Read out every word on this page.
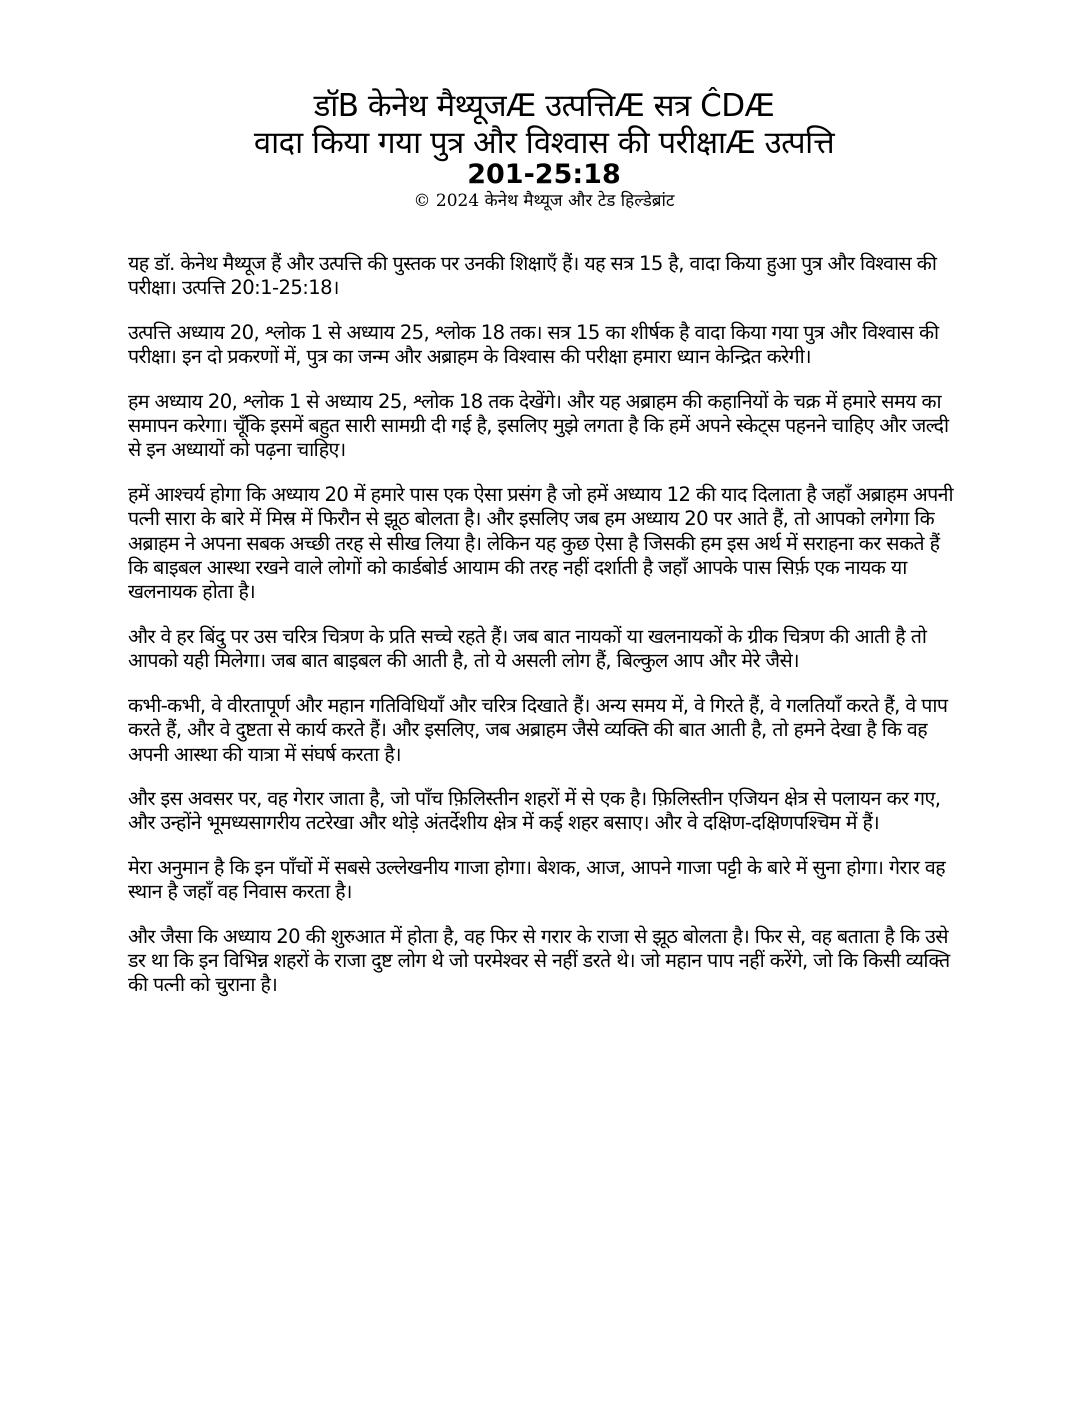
डॉB केनेथ मैथ्यूजÆ उत्पत्तिÆ सत्र ĈDÆ
वादा किया गया पुत्र और विश्वास की परीक्षाÆ उत्पत्ति
201-25:18
© 2024 केनेथ मैथ्यूज और टेड हिल्डेब्रांट

यह डॉ. केनेथ मैथ्यूज हैं और उत्पत्ति की पुस्तक पर उनकी शिक्षाएँ हैं। यह सत्र 15 है, वादा किया हुआ पुत्र और विश्वास की परीक्षा। उत्पत्ति 20:1-25:18।

उत्पत्ति अध्याय 20, श्लोक 1 से अध्याय 25, श्लोक 18 तक। सत्र 15 का शीर्षक है वादा किया गया पुत्र और विश्वास की परीक्षा। इन दो प्रकरणों में, पुत्र का जन्म और अब्राहम के विश्वास की परीक्षा हमारा ध्यान केन्द्रित करेगी।

हम अध्याय 20, श्लोक 1 से अध्याय 25, श्लोक 18 तक देखेंगे। और यह अब्राहम की कहानियों के चक्र में हमारे समय का समापन करेगा। चूँकि इसमें बहुत सारी सामग्री दी गई है, इसलिए मुझे लगता है कि हमें अपने स्केट्स पहनने चाहिए और जल्दी से इन अध्यायों को पढ़ना चाहिए।

हमें आश्चर्य होगा कि अध्याय 20 में हमारे पास एक ऐसा प्रसंग है जो हमें अध्याय 12 की याद दिलाता है जहाँ अब्राहम अपनी पत्नी सारा के बारे में मिस्र में फिरौन से झूठ बोलता है। और इसलिए जब हम अध्याय 20 पर आते हैं, तो आपको लगेगा कि अब्राहम ने अपना सबक अच्छी तरह से सीख लिया है। लेकिन यह कुछ ऐसा है जिसकी हम इस अर्थ में सराहना कर सकते हैं कि बाइबल आस्था रखने वाले लोगों को कार्डबोर्ड आयाम की तरह नहीं दर्शाती है जहाँ आपके पास सिर्फ़ एक नायक या खलनायक होता है।

और वे हर बिंदु पर उस चरित्र चित्रण के प्रति सच्चे रहते हैं। जब बात नायकों या खलनायकों के ग्रीक चित्रण की आती है तो आपको यही मिलेगा। जब बात बाइबल की आती है, तो ये असली लोग हैं, बिल्कुल आप और मेरे जैसे।

कभी-कभी, वे वीरतापूर्ण और महान गतिविधियाँ और चरित्र दिखाते हैं। अन्य समय में, वे गिरते हैं, वे गलतियाँ करते हैं, वे पाप करते हैं, और वे दुष्टता से कार्य करते हैं। और इसलिए, जब अब्राहम जैसे व्यक्ति की बात आती है, तो हमने देखा है कि वह अपनी आस्था की यात्रा में संघर्ष करता है।

और इस अवसर पर, वह गेरार जाता है, जो पाँच फ़िलिस्तीन शहरों में से एक है। फ़िलिस्तीन एजियन क्षेत्र से पलायन कर गए, और उन्होंने भूमध्यसागरीय तटरेखा और थोड़े अंतर्देशीय क्षेत्र में कई शहर बसाए। और वे दक्षिण-दक्षिणपश्चिम में हैं।

मेरा अनुमान है कि इन पाँचों में सबसे उल्लेखनीय गाजा होगा। बेशक, आज, आपने गाजा पट्टी के बारे में सुना होगा। गेरार वह स्थान है जहाँ वह निवास करता है।

और जैसा कि अध्याय 20 की शुरुआत में होता है, वह फिर से गरार के राजा से झूठ बोलता है। फिर से, वह बताता है कि उसे डर था कि इन विभिन्न शहरों के राजा दुष्ट लोग थे जो परमेश्वर से नहीं डरते थे। जो महान पाप नहीं करेंगे, जो कि किसी व्यक्ति की पत्नी को चुराना है।
